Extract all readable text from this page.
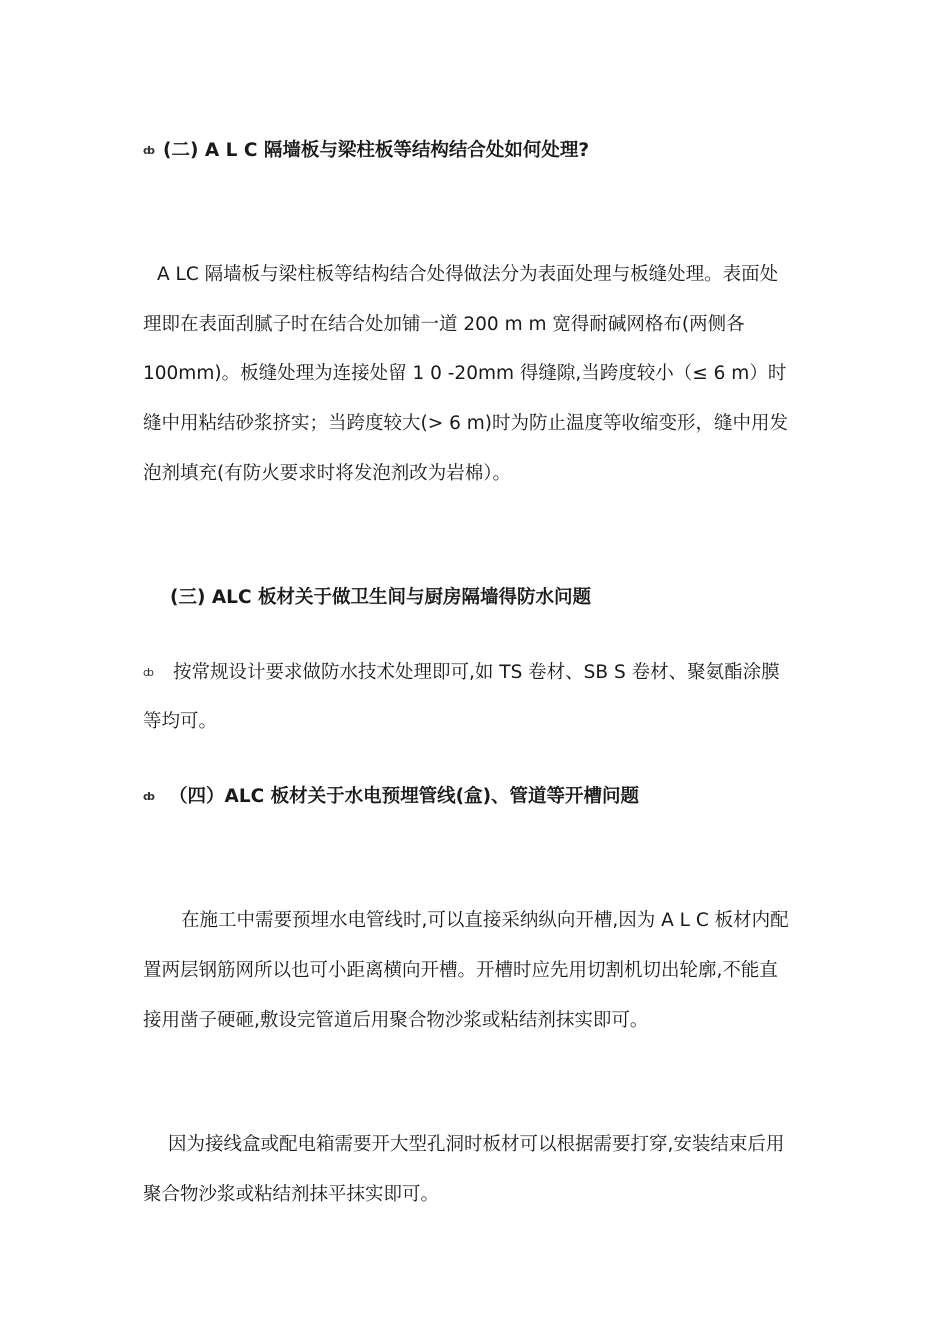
ȸ (二) A L C 隔墙板与梁柱板等结构结合处如何处理?
A LC 隔墙板与梁柱板等结构结合处得做法分为表面处理与板缝处理。表面处
理即在表面刮腻子时在结合处加铺一道 200 m m 宽得耐碱网格布(两侧各
100mm)。板缝处理为连接处留 1 0 -20mm 得缝隙,当跨度较小（≤ 6 m）时
缝中用粘结砂浆挤实；当跨度较大(> 6 m)时为防止温度等收缩变形，缝中用发
泡剂填充(有防火要求时将发泡剂改为岩棉）。
(三) ALC 板材关于做卫生间与厨房隔墙得防水问题
ȸ 按常规设计要求做防水技术处理即可,如 TS 卷材、SB S 卷材、聚氨酯涂膜
等均可。
ȸ （四）ALC 板材关于水电预埋管线(盒)、管道等开槽问题
在施工中需要预埋水电管线时,可以直接采纳纵向开槽,因为 A L C 板材内配
置两层钢筋网所以也可小距离横向开槽。开槽时应先用切割机切出轮廓,不能直
接用凿子硬砸,敷设完管道后用聚合物沙浆或粘结剂抹实即可。
因为接线盒或配电箱需要开大型孔洞时板材可以根据需要打穿,安装结束后用
聚合物沙浆或粘结剂抹平抹实即可。
